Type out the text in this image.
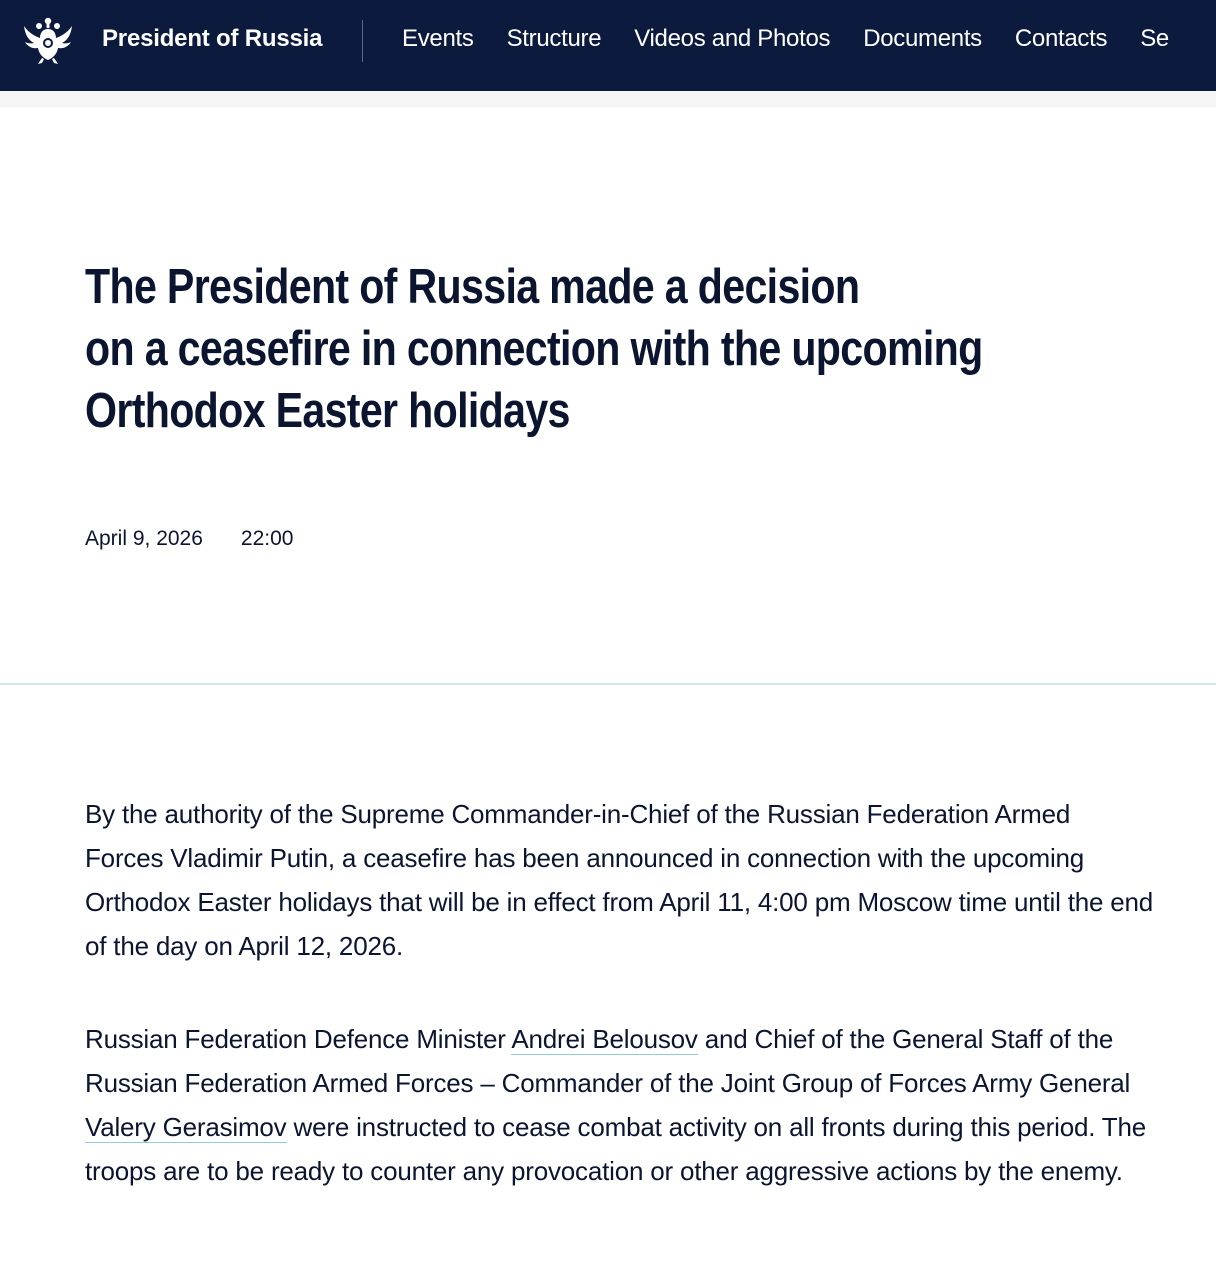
President of Russia	Events Structure Videos and Photos Documents Contacts Se
The President of Russia made a decision
on a ceasefire in connection with the upcoming
Orthodox Easter holidays
April 9, 2026 22:00

By the authority of the Supreme Commander-in-Chief of the Russian Federation Armed Forces Vladimir Putin, a ceasefire has been announced in connection with the upcoming Orthodox Easter holidays that will be in effect from April 11, 4:00 pm Moscow time until the end of the day on April 12, 2026.

Russian Federation Defence Minister Andrei Belousov and Chief of the General Staff of the Russian Federation Armed Forces – Commander of the Joint Group of Forces Army General Valery Gerasimov were instructed to cease combat activity on all fronts during this period. The troops are to be ready to counter any provocation or other aggressive actions by the enemy.
